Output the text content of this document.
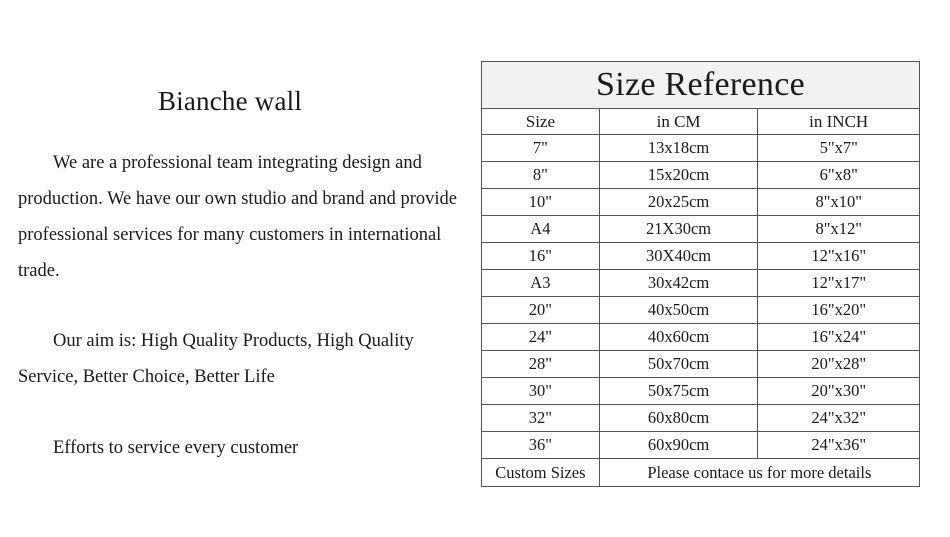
Bianche wall

We are a professional team integrating design and production. We have our own studio and brand and provide professional services for many customers in international trade.

Our aim is: High Quality Products, High Quality Service, Better Choice, Better Life

Efforts to service every customer

Size Reference		
Size	in CM	in INCH
7"	13x18cm	5"x7"
8"	15x20cm	6"x8"
10"	20x25cm	8"x10"
A4	21X30cm	8"x12"
16"	30X40cm	12"x16"
A3	30x42cm	12"x17"
20"	40x50cm	16"x20"
24"	40x60cm	16"x24"
28"	50x70cm	20"x28"
30"	50x75cm	20"x30"
32"	60x80cm	24"x32"
36"	60x90cm	24"x36"
Custom Sizes	Please contace us for more details	
